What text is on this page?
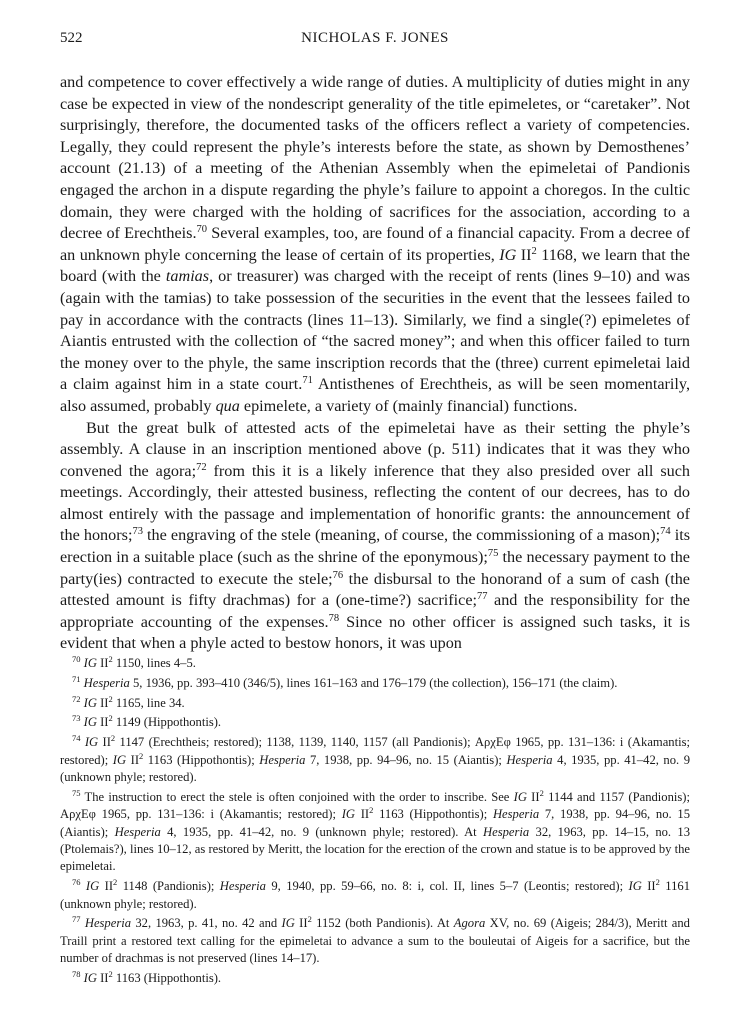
522	NICHOLAS F. JONES

and competence to cover effectively a wide range of duties. A multiplicity of duties might in any case be expected in view of the nondescript generality of the title epimeletes, or “caretaker”. Not surprisingly, therefore, the documented tasks of the officers reflect a variety of competencies. Legally, they could represent the phyle’s interests before the state, as shown by Demosthenes’ account (21.13) of a meeting of the Athenian Assembly when the epimeletai of Pandionis engaged the archon in a dispute regarding the phyle’s failure to appoint a choregos. In the cultic domain, they were charged with the holding of sacrifices for the association, according to a decree of Erechtheis.$^{70}$ Several examples, too, are found of a financial capacity. From a decree of an unknown phyle concerning the lease of certain of its properties, IG $II^2$ 1168, we learn that the board (with the tamias, or treasurer) was charged with the receipt of rents (lines 9–10) and was (again with the tamias) to take possession of the securities in the event that the lessees failed to pay in accordance with the contracts (lines 11–13). Similarly, we find a single(?) epimeletes of Aiantis entrusted with the collection of “the sacred money”; and when this officer failed to turn the money over to the phyle, the same inscription records that the (three) current epimeletai laid a claim against him in a state court.$^{71}$ Antisthenes of Erechtheis, as will be seen momentarily, also assumed, probably qua epimelete, a variety of (mainly financial) functions.

But the great bulk of attested acts of the epimeletai have as their setting the phyle’s assembly. A clause in an inscription mentioned above (p. 511) indicates that it was they who convened the agora;$^{72}$ from this it is a likely inference that they also presided over all such meetings. Accordingly, their attested business, reflecting the content of our decrees, has to do almost entirely with the passage and implementation of honorific grants: the announcement of the honors;$^{73}$ the engraving of the stele (meaning, of course, the commissioning of a mason);$^{74}$ its erection in a suitable place (such as the shrine of the eponymous);$^{75}$ the necessary payment to the party(ies) contracted to execute the stele;$^{76}$ the disbursal to the honorand of a sum of cash (the attested amount is fifty drachmas) for a (one-time?) sacrifice;$^{77}$ and the responsibility for the appropriate accounting of the expenses.$^{78}$ Since no other officer is assigned such tasks, it is evident that when a phyle acted to bestow honors, it was upon

$^{70}$ IG $II^2$ 1150, lines 4–5.
$^{71}$ Hesperia 5, 1936, pp. 393–410 (346/5), lines 161–163 and 176–179 (the collection), 156–171 (the claim).
$^{72}$ IG $II^2$ 1165, line 34.
$^{73}$ IG $II^2$ 1149 (Hippothontis).
$^{74}$ IG $II^2$ 1147 (Erechtheis; restored); 1138, 1139, 1140, 1157 (all Pandionis); ΑρχΕφ 1965, pp. 131–136: i (Akamantis; restored); IG $II^2$ 1163 (Hippothontis); Hesperia 7, 1938, pp. 94–96, no. 15 (Aiantis); Hesperia 4, 1935, pp. 41–42, no. 9 (unknown phyle; restored).
$^{75}$ The instruction to erect the stele is often conjoined with the order to inscribe. See IG $II^2$ 1144 and 1157 (Pandionis); ΑρχΕφ 1965, pp. 131–136: i (Akamantis; restored); IG $II^2$ 1163 (Hippothontis); Hesperia 7, 1938, pp. 94–96, no. 15 (Aiantis); Hesperia 4, 1935, pp. 41–42, no. 9 (unknown phyle; restored). At Hesperia 32, 1963, pp. 14–15, no. 13 (Ptolemais?), lines 10–12, as restored by Meritt, the location for the erection of the crown and statue is to be approved by the epimeletai.
$^{76}$ IG $II^2$ 1148 (Pandionis); Hesperia 9, 1940, pp. 59–66, no. 8: i, col. II, lines 5–7 (Leontis; restored); IG $II^2$ 1161 (unknown phyle; restored).
$^{77}$ Hesperia 32, 1963, p. 41, no. 42 and IG $II^2$ 1152 (both Pandionis). At Agora XV, no. 69 (Aigeis; 284/3), Meritt and Traill print a restored text calling for the epimeletai to advance a sum to the bouleutai of Aigeis for a sacrifice, but the number of drachmas is not preserved (lines 14–17).
$^{78}$ IG $II^2$ 1163 (Hippothontis).
